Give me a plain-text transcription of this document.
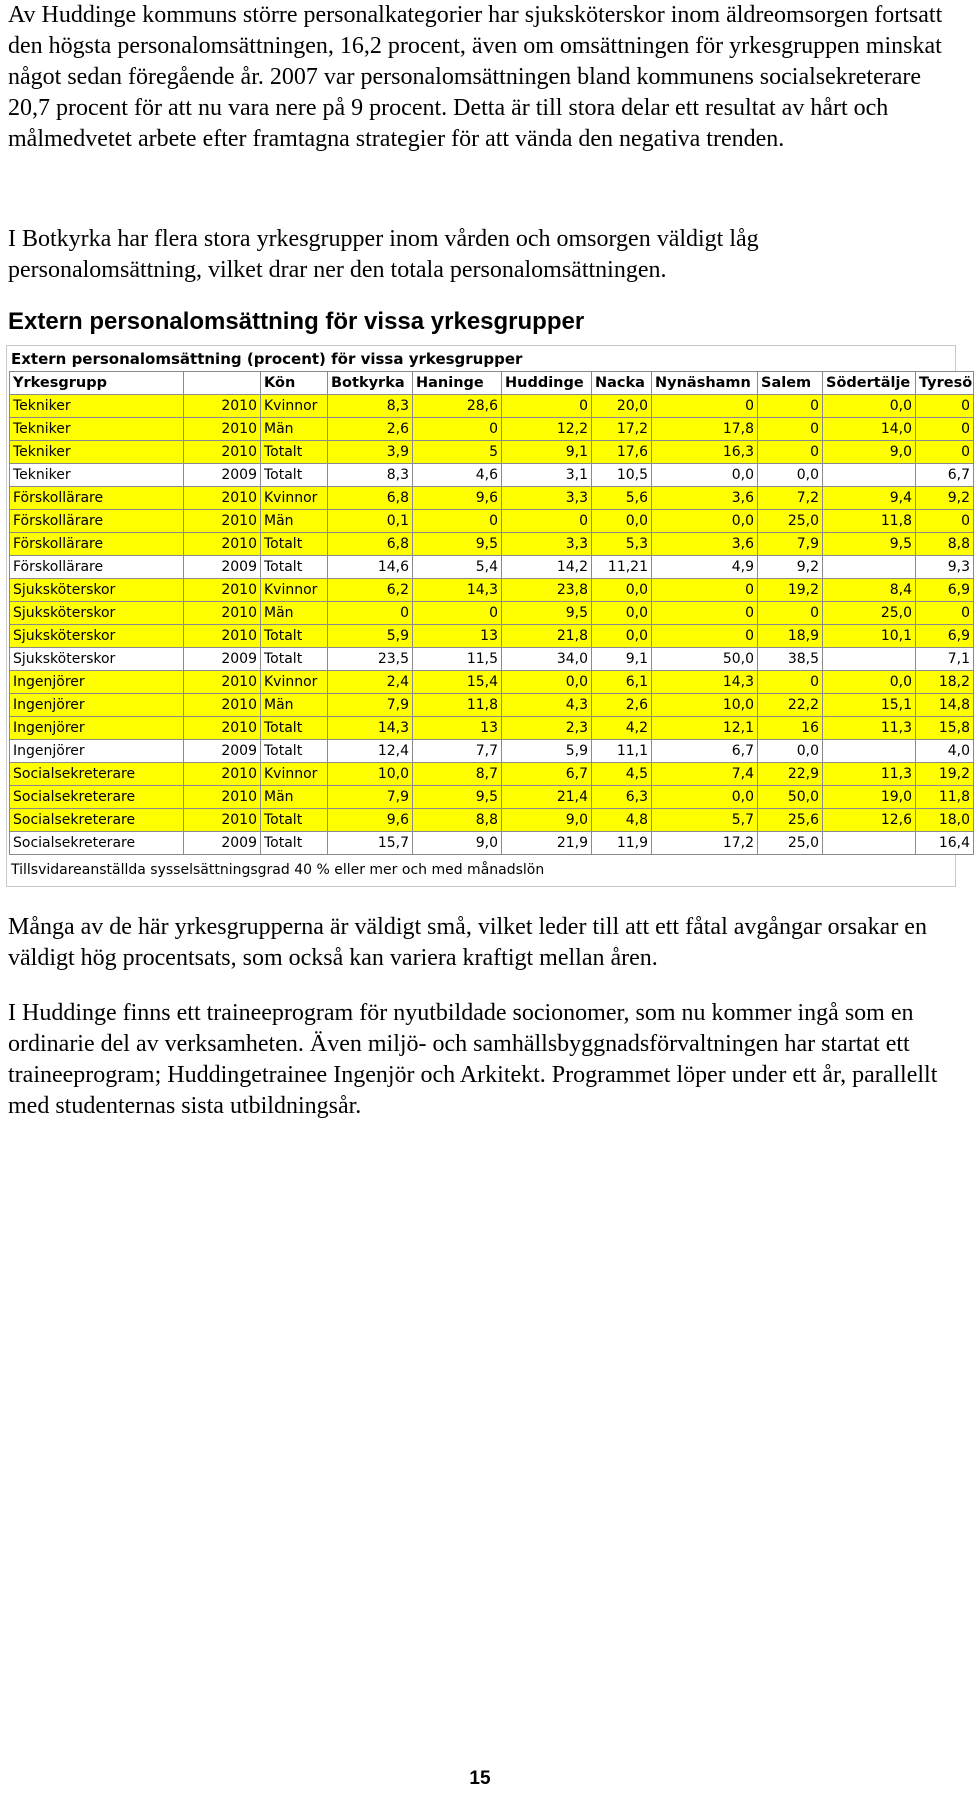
Av Huddinge kommuns större personalkategorier har sjuksköterskor inom äldreomsorgen fortsatt den högsta personalomsättningen, 16,2 procent, även om omsättningen för yrkesgruppen minskat något sedan föregående år. 2007 var personalomsättningen bland kommunens socialsekreterare 20,7 procent för att nu vara nere på 9 procent. Detta är till stora delar ett resultat av hårt och målmedvetet arbete efter framtagna strategier för att vända den negativa trenden.

I Botkyrka har flera stora yrkesgrupper inom vården och omsorgen väldigt låg personalomsättning, vilket drar ner den totala personalomsättningen.

Extern personalomsättning för vissa yrkesgrupper
Extern personalomsättning (procent) för vissa yrkesgrupper
Yrkesgrupp		Kön	Botkyrka	Haninge	Huddinge	Nacka	Nynäshamn	Salem	Södertälje	Tyresö
Tekniker	2010	Kvinnor	8,3	28,6	0	20,0	0	0	0,0	0
Tekniker	2010	Män	2,6	0	12,2	17,2	17,8	0	14,0	0
Tekniker	2010	Totalt	3,9	5	9,1	17,6	16,3	0	9,0	0
Tekniker	2009	Totalt	8,3	4,6	3,1	10,5	0,0	0,0		6,7
Förskollärare	2010	Kvinnor	6,8	9,6	3,3	5,6	3,6	7,2	9,4	9,2
Förskollärare	2010	Män	0,1	0	0	0,0	0,0	25,0	11,8	0
Förskollärare	2010	Totalt	6,8	9,5	3,3	5,3	3,6	7,9	9,5	8,8
Förskollärare	2009	Totalt	14,6	5,4	14,2	11,21	4,9	9,2		9,3
Sjuksköterskor	2010	Kvinnor	6,2	14,3	23,8	0,0	0	19,2	8,4	6,9
Sjuksköterskor	2010	Män	0	0	9,5	0,0	0	0	25,0	0
Sjuksköterskor	2010	Totalt	5,9	13	21,8	0,0	0	18,9	10,1	6,9
Sjuksköterskor	2009	Totalt	23,5	11,5	34,0	9,1	50,0	38,5		7,1
Ingenjörer	2010	Kvinnor	2,4	15,4	0,0	6,1	14,3	0	0,0	18,2
Ingenjörer	2010	Män	7,9	11,8	4,3	2,6	10,0	22,2	15,1	14,8
Ingenjörer	2010	Totalt	14,3	13	2,3	4,2	12,1	16	11,3	15,8
Ingenjörer	2009	Totalt	12,4	7,7	5,9	11,1	6,7	0,0		4,0
Socialsekreterare	2010	Kvinnor	10,0	8,7	6,7	4,5	7,4	22,9	11,3	19,2
Socialsekreterare	2010	Män	7,9	9,5	21,4	6,3	0,0	50,0	19,0	11,8
Socialsekreterare	2010	Totalt	9,6	8,8	9,0	4,8	5,7	25,6	12,6	18,0
Socialsekreterare	2009	Totalt	15,7	9,0	21,9	11,9	17,2	25,0		16,4
Tillsvidareanställda sysselsättningsgrad 40 % eller mer och med månadslön

Många av de här yrkesgrupperna är väldigt små, vilket leder till att ett fåtal avgångar orsakar en väldigt hög procentsats, som också kan variera kraftigt mellan åren.

I Huddinge finns ett traineeprogram för nyutbildade socionomer, som nu kommer ingå som en ordinarie del av verksamheten. Även miljö- och samhällsbyggnadsförvaltningen har startat ett traineeprogram; Huddingetrainee Ingenjör och Arkitekt. Programmet löper under ett år, parallellt med studenternas sista utbildningsår.

15
